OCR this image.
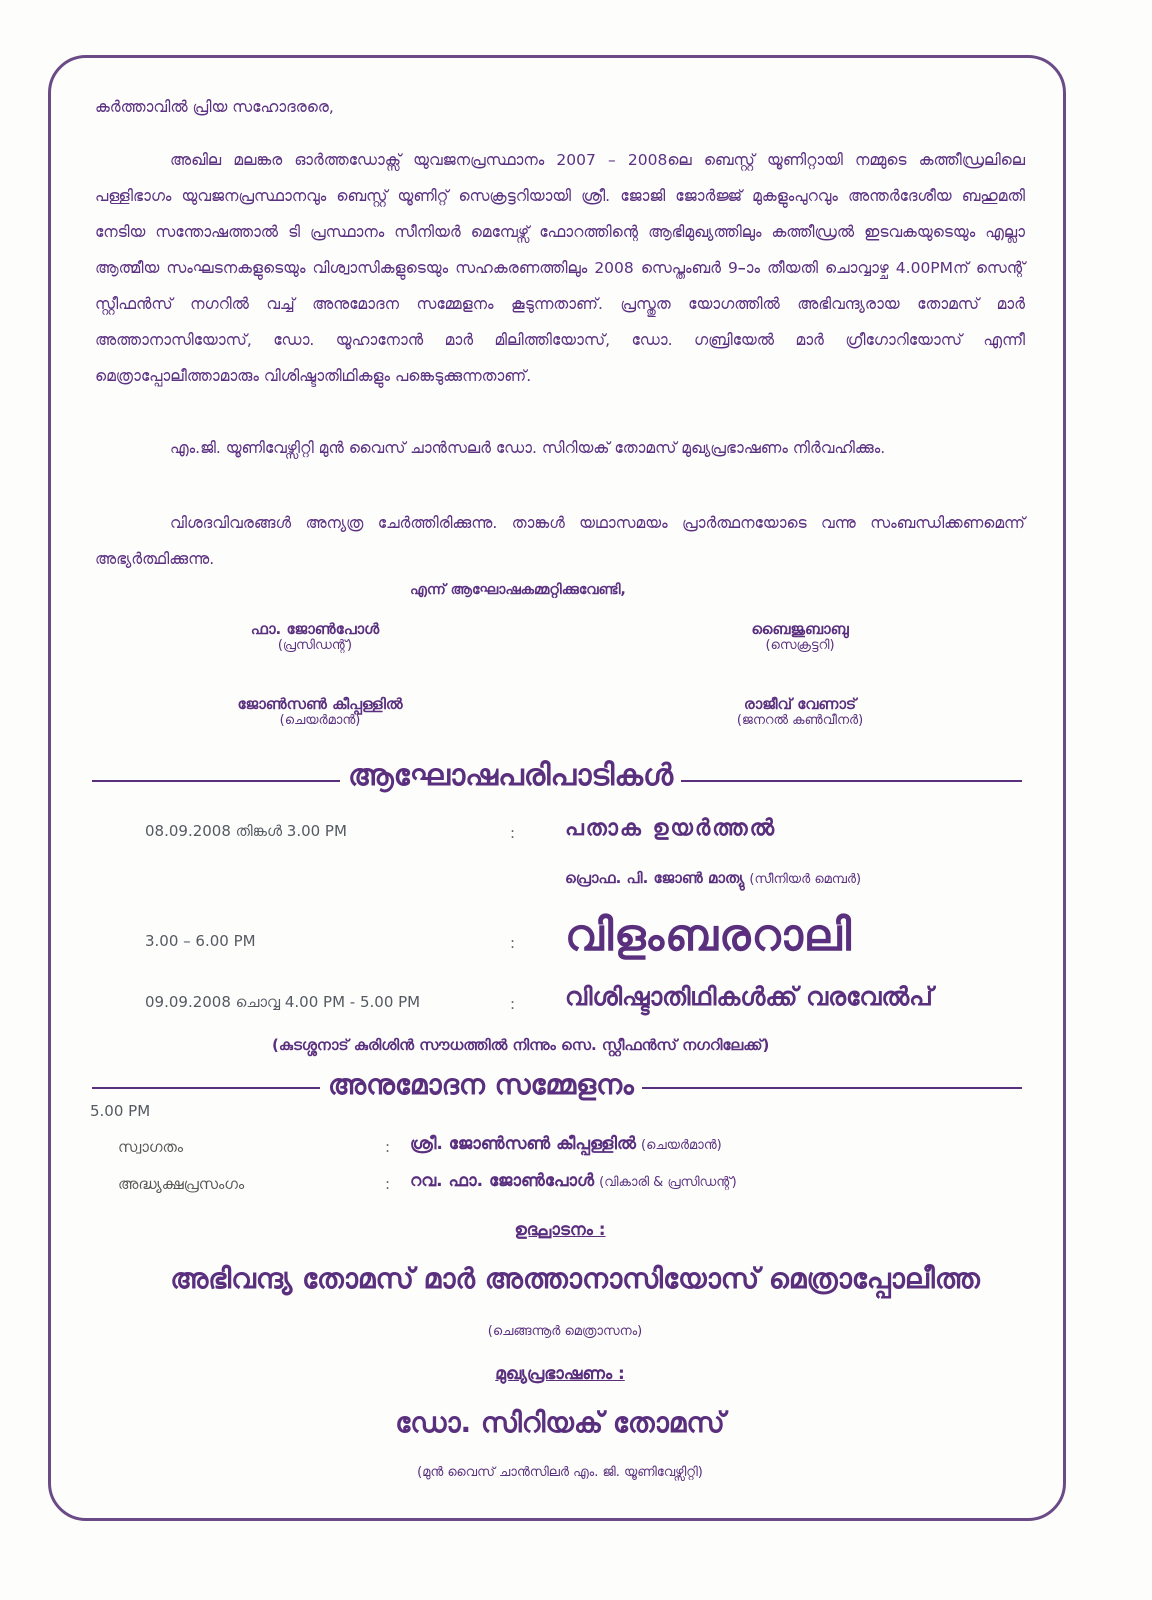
കർത്താവിൽ പ്രിയ സഹോദരരെ,
അഖില മലങ്കര ഓർത്തഡോക്സ് യുവജനപ്രസ്ഥാനം 2007 – 2008ലെ ബെസ്റ്റ് യൂണിറ്റായി നമ്മുടെ കത്തീഡ്രലിലെ പള്ളിഭാഗം യുവജനപ്രസ്ഥാനവും ബെസ്റ്റ് യൂണിറ്റ് സെക്രട്ടറിയായി ശ്രീ. ജോജി ജോർജ്ജ് മുകളുംപുറവും അന്തർദേശീയ ബഹുമതി നേടിയ സന്തോഷത്താൽ ടി പ്രസ്ഥാനം സീനിയർ മെമ്പേഴ്സ് ഫോറത്തിന്റെ ആഭിമുഖ്യത്തിലും കത്തീഡ്രൽ ഇടവകയുടെയും എല്ലാ ആത്മീയ സംഘടനകളുടെയും വിശ്വാസികളുടെയും സഹകരണത്തിലും 2008 സെപ്തംബർ 9–ാം തീയതി ചൊവ്വാഴ്ച 4.00PMന് സെന്റ് സ്റ്റീഫൻസ് നഗറിൽ വച്ച് അനുമോദന സമ്മേളനം കൂടുന്നതാണ്. പ്രസ്തുത യോഗത്തിൽ അഭിവന്ദ്യരായ തോമസ് മാർ അത്താനാസിയോസ്, ഡോ. യൂഹാനോൻ മാർ മിലിത്തിയോസ്, ഡോ. ഗബ്രിയേൽ മാർ ഗ്രീഗോറിയോസ് എന്നീ മെത്രാപ്പോലീത്താമാരും വിശിഷ്ടാതിഥികളും പങ്കെടുക്കുന്നതാണ്.
എം.ജി. യൂണിവേഴ്സിറ്റി മുൻ വൈസ് ചാൻസലർ ഡോ. സിറിയക് തോമസ് മുഖ്യപ്രഭാഷണം നിർവഹിക്കും.
വിശദവിവരങ്ങൾ അന്യത്ര ചേർത്തിരിക്കുന്നു. താങ്കൾ യഥാസമയം പ്രാർത്ഥനയോടെ വന്നു സംബന്ധിക്കണമെന്ന് അഭ്യർത്ഥിക്കുന്നു.
എന്ന് ആഘോഷകമ്മറ്റിക്കുവേണ്ടി,
ഫാ. ജോൺപോൾ
(പ്രസിഡന്റ്)
ബൈജുബാബു
(സെക്രട്ടറി)
ജോൺസൺ കീപ്പള്ളിൽ
(ചെയർമാൻ)
രാജീവ് വേണാട്
(ജനറൽ കൺവീനർ)
ആഘോഷപരിപാടികൾ
08.09.2008 തിങ്കൾ 3.00 PM	: പതാക ഉയർത്തൽ
പ്രൊഫ. പി. ജോൺ മാത്യു (സീനിയർ മെമ്പർ)
3.00 – 6.00 PM	: വിളംബരറാലി
09.09.2008 ചൊവ്വ 4.00 PM - 5.00 PM	: വിശിഷ്ടാതിഥികൾക്ക് വരവേൽപ്
(കുടശ്ശനാട് കുരിശിൻ സൗധത്തിൽ നിന്നും സെ. സ്റ്റീഫൻസ് നഗറിലേക്ക്)
അനുമോദന സമ്മേളനം
5.00 PM
സ്വാഗതം	: ശ്രീ. ജോൺസൺ കീപ്പള്ളിൽ (ചെയർമാൻ)
അദ്ധ്യക്ഷപ്രസംഗം	: റവ. ഫാ. ജോൺപോൾ (വികാരി & പ്രസിഡന്റ്)
ഉദ്ഘാടനം :
അഭിവന്ദ്യ തോമസ് മാർ അത്താനാസിയോസ് മെത്രാപ്പോലീത്ത
(ചെങ്ങന്നൂർ മെത്രാസനം)
മുഖ്യപ്രഭാഷണം :
ഡോ. സിറിയക് തോമസ്
(മുൻ വൈസ് ചാൻസിലർ എം. ജി. യൂണിവേഴ്സിറ്റി)
